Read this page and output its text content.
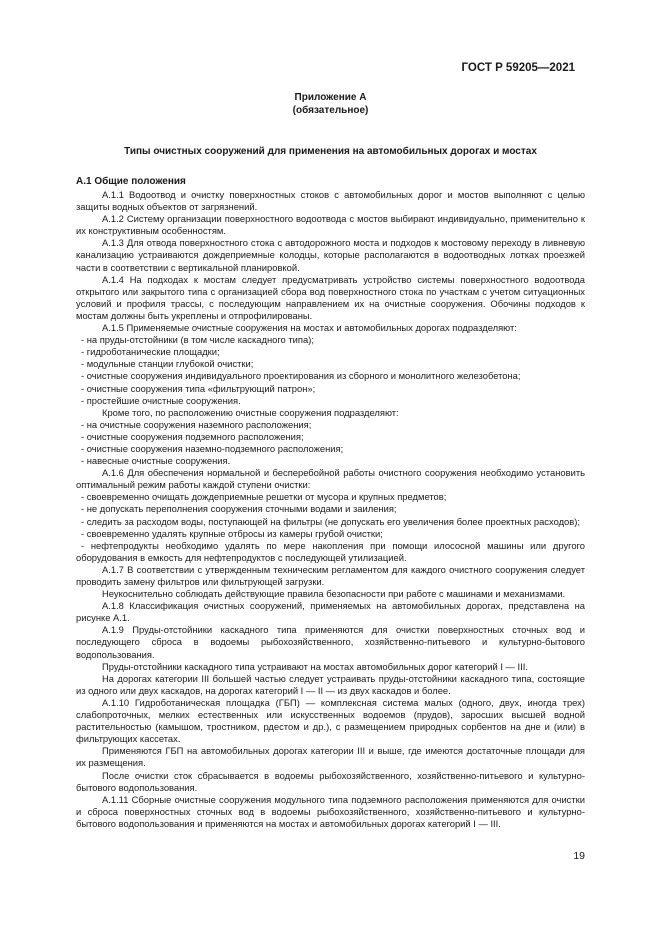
ГОСТ Р 59205—2021
Приложение А
(обязательное)
Типы очистных сооружений для применения на автомобильных дорогах и мостах
А.1 Общие положения

А.1.1 Водоотвод и очистку поверхностных стоков с автомобильных дорог и мостов выполняют с целью защиты водных объектов от загрязнений.

А.1.2 Систему организации поверхностного водоотвода с мостов выбирают индивидуально, применительно к их конструктивным особенностям.

А.1.3 Для отвода поверхностного стока с автодорожного моста и подходов к мостовому переходу в ливневую канализацию устраиваются дождеприемные колодцы, которые располагаются в водоотводных лотках проезжей части в соответствии с вертикальной планировкой.

А.1.4 На подходах к мостам следует предусматривать устройство системы поверхностного водоотвода открытого или закрытого типа с организацией сбора вод поверхностного стока по участкам с учетом ситуационных условий и профиля трассы, с последующим направлением их на очистные сооружения. Обочины подходов к мостам должны быть укреплены и отпрофилированы.

А.1.5 Применяемые очистные сооружения на мостах и автомобильных дорогах подразделяют:

- на пруды-отстойники (в том числе каскадного типа);

- гидроботанические площадки;

- модульные станции глубокой очистки;

- очистные сооружения индивидуального проектирования из сборного и монолитного железобетона;

- очистные сооружения типа «фильтрующий патрон»;

- простейшие очистные сооружения.

Кроме того, по расположению очистные сооружения подразделяют:

- на очистные сооружения наземного расположения;

- очистные сооружения подземного расположения;

- очистные сооружения наземно-подземного расположения;

- навесные очистные сооружения.

А.1.6 Для обеспечения нормальной и бесперебойной работы очистного сооружения необходимо установить оптимальный режим работы каждой ступени очистки:

- своевременно очищать дождеприемные решетки от мусора и крупных предметов;

- не допускать переполнения сооружения сточными водами и заиления;

- следить за расходом воды, поступающей на фильтры (не допускать его увеличения более проектных расходов);

- своевременно удалять крупные отбросы из камеры грубой очистки;

- нефтепродукты необходимо удалять по мере накопления при помощи илососной машины или другого оборудования в емкость для нефтепродуктов с последующей утилизацией.

А.1.7 В соответствии с утвержденным техническим регламентом для каждого очистного сооружения следует проводить замену фильтров или фильтрующей загрузки.

Неукоснительно соблюдать действующие правила безопасности при работе с машинами и механизмами.

А.1.8 Классификация очистных сооружений, применяемых на автомобильных дорогах, представлена на рисунке А.1.

А.1.9 Пруды-отстойники каскадного типа применяются для очистки поверхностных сточных вод и последующего сброса в водоемы рыбохозяйственного, хозяйственно-питьевого и культурно-бытового водопользования.

Пруды-отстойники каскадного типа устраивают на мостах автомобильных дорог категорий I — III.

На дорогах категории III большей частью следует устраивать пруды-отстойники каскадного типа, состоящие из одного или двух каскадов, на дорогах категорий I — II — из двух каскадов и более.

А.1.10 Гидроботаническая площадка (ГБП) — комплексная система малых (одного, двух, иногда трех) слабопроточных, мелких естественных или искусственных водоемов (прудов), заросших высшей водной растительностью (камышом, тростником, рдестом и др.), с размещением природных сорбентов на дне и (или) в фильтрующих кассетах.

Применяются ГБП на автомобильных дорогах категории III и выше, где имеются достаточные площади для их размещения.

После очистки сток сбрасывается в водоемы рыбохозяйственного, хозяйственно-питьевого и культурно-бытового водопользования.

А.1.11 Сборные очистные сооружения модульного типа подземного расположения применяются для очистки и сброса поверхностных сточных вод в водоемы рыбохозяйственного, хозяйственно-питьевого и культурно-бытового водопользования и применяются на мостах и автомобильных дорогах категорий I — III.

19
